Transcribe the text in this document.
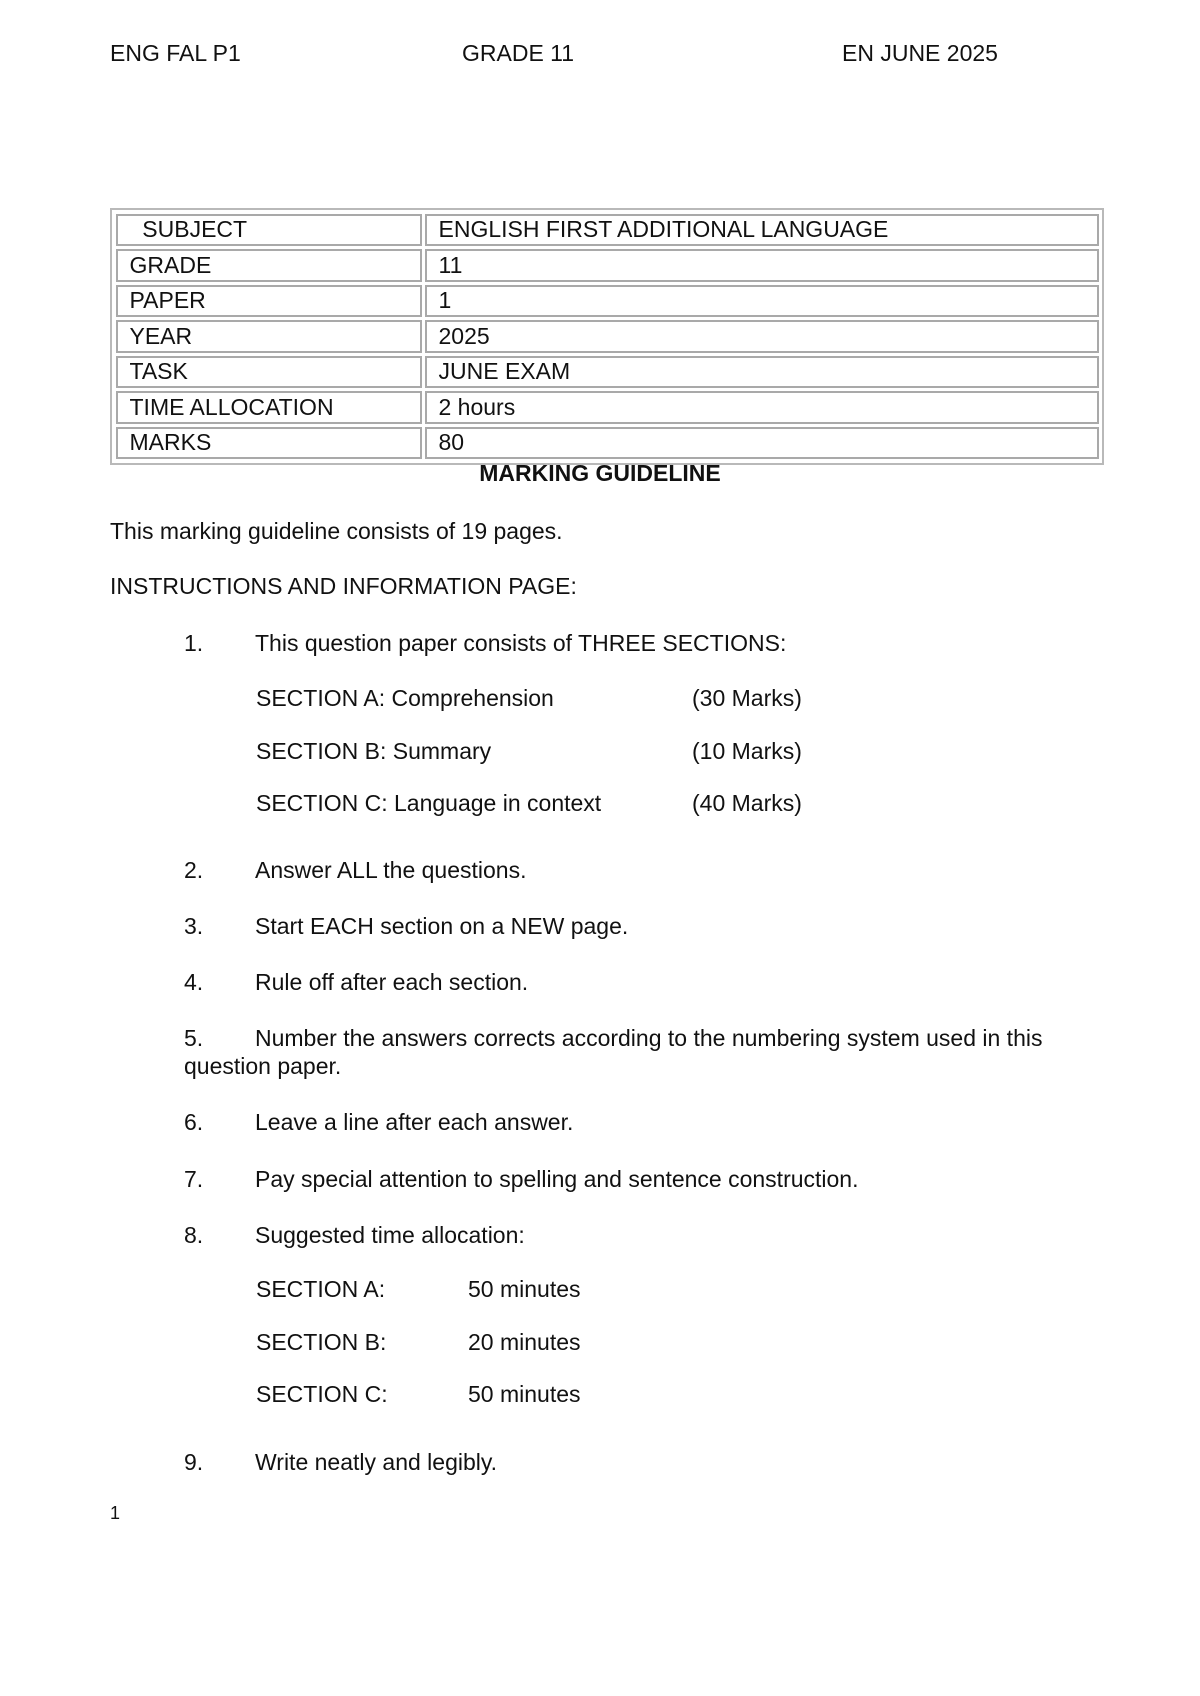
ENG FAL P1	GRADE 11	EN JUNE 2025
SUBJECT	ENGLISH FIRST ADDITIONAL LANGUAGE
GRADE	11
PAPER	1
YEAR	2025
TASK	JUNE EXAM
TIME ALLOCATION	2 hours
MARKS	80
MARKING GUIDELINE
This marking guideline consists of 19 pages.
INSTRUCTIONS AND INFORMATION PAGE:
1. This question paper consists of THREE SECTIONS:
SECTION A: Comprehension	(30 Marks)
SECTION B: Summary	(10 Marks)
SECTION C: Language in context	(40 Marks)
2. Answer ALL the questions.
3. Start EACH section on a NEW page.
4. Rule off after each section.
5. Number the answers corrects according to the numbering system used in this
question paper.
6. Leave a line after each answer.
7. Pay special attention to spelling and sentence construction.
8. Suggested time allocation:
SECTION A:	50 minutes
SECTION B:	20 minutes
SECTION C:	50 minutes
9. Write neatly and legibly.
1
